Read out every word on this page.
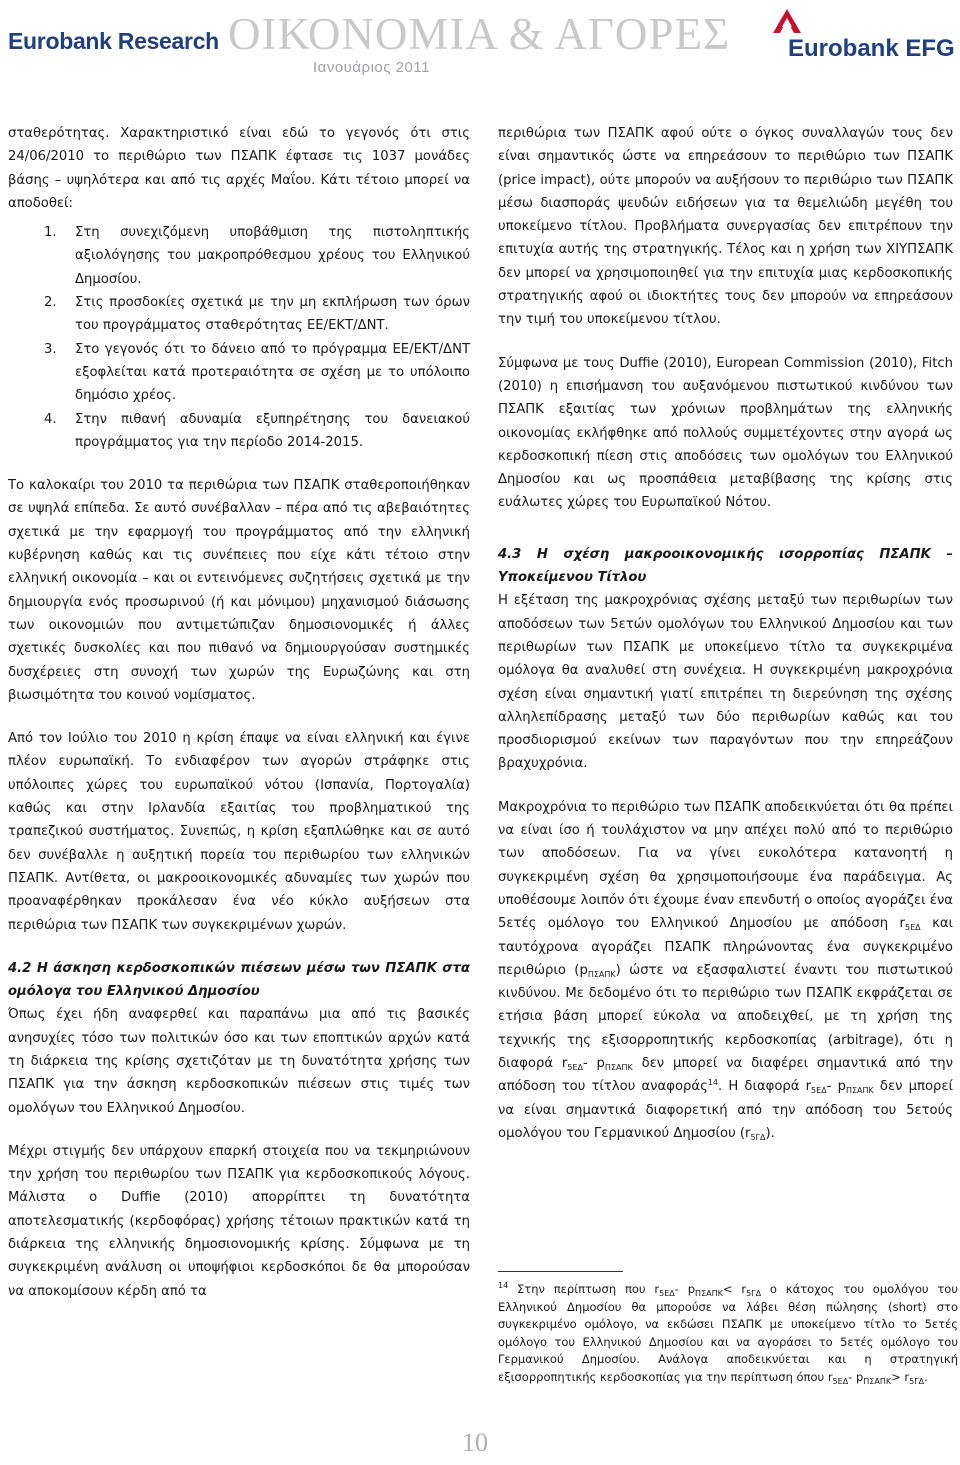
Eurobank Research ΟΙΚΟΝΟΜΙΑ & ΑΓΟΡΕΣ
Ιανουάριος 2011
Eurobank EFG

σταθερότητας. Χαρακτηριστικό είναι εδώ το γεγονός ότι στις 24/06/2010 το περιθώριο των ΠΣΑΠΚ έφτασε τις 1037 μονάδες βάσης – υψηλότερα και από τις αρχές Μαΐου. Κάτι τέτοιο μπορεί να αποδοθεί:

1. Στη συνεχιζόμενη υποβάθμιση της πιστοληπτικής αξιολόγησης του μακροπρόθεσμου χρέους του Ελληνικού Δημοσίου.
2. Στις προσδοκίες σχετικά με την μη εκπλήρωση των όρων του προγράμματος σταθερότητας ΕΕ/ΕΚΤ/ΔΝΤ.
3. Στο γεγονός ότι το δάνειο από το πρόγραμμα ΕΕ/ΕΚΤ/ΔΝΤ εξοφλείται κατά προτεραιότητα σε σχέση με το υπόλοιπο δημόσιο χρέος.
4. Στην πιθανή αδυναμία εξυπηρέτησης του δανειακού προγράμματος για την περίοδο 2014-2015.

Το καλοκαίρι του 2010 τα περιθώρια των ΠΣΑΠΚ σταθεροποιήθηκαν σε υψηλά επίπεδα. Σε αυτό συνέβαλλαν – πέρα από τις αβεβαιότητες σχετικά με την εφαρμογή του προγράμματος από την ελληνική κυβέρνηση καθώς και τις συνέπειες που είχε κάτι τέτοιο στην ελληνική οικονομία – και οι εντεινόμενες συζητήσεις σχετικά με την δημιουργία ενός προσωρινού (ή και μόνιμου) μηχανισμού διάσωσης των οικονομιών που αντιμετώπιζαν δημοσιονομικές ή άλλες σχετικές δυσκολίες και που πιθανό να δημιουργούσαν συστημικές δυσχέρειες στη συνοχή των χωρών της Ευρωζώνης και στη βιωσιμότητα του κοινού νομίσματος.

Από τον Ιούλιο του 2010 η κρίση έπαψε να είναι ελληνική και έγινε πλέον ευρωπαϊκή. Το ενδιαφέρον των αγορών στράφηκε στις υπόλοιπες χώρες του ευρωπαϊκού νότου (Ισπανία, Πορτογαλία) καθώς και στην Ιρλανδία εξαιτίας του προβληματικού της τραπεζικού συστήματος. Συνεπώς, η κρίση εξαπλώθηκε και σε αυτό δεν συνέβαλλε η αυξητική πορεία του περιθωρίου των ελληνικών ΠΣΑΠΚ. Αντίθετα, οι μακροοικονομικές αδυναμίες των χωρών που προαναφέρθηκαν προκάλεσαν ένα νέο κύκλο αυξήσεων στα περιθώρια των ΠΣΑΠΚ των συγκεκριμένων χωρών.

4.2 Η άσκηση κερδοσκοπικών πιέσεων μέσω των ΠΣΑΠΚ στα ομόλογα του Ελληνικού Δημοσίου

Όπως έχει ήδη αναφερθεί και παραπάνω μια από τις βασικές ανησυχίες τόσο των πολιτικών όσο και των εποπτικών αρχών κατά τη διάρκεια της κρίσης σχετιζόταν με τη δυνατότητα χρήσης των ΠΣΑΠΚ για την άσκηση κερδοσκοπικών πιέσεων στις τιμές των ομολόγων του Ελληνικού Δημοσίου.

Μέχρι στιγμής δεν υπάρχουν επαρκή στοιχεία που να τεκμηριώνουν την χρήση του περιθωρίου των ΠΣΑΠΚ για κερδοσκοπικούς λόγους. Μάλιστα ο Duffie (2010) απορρίπτει τη δυνατότητα αποτελεσματικής (κερδοφόρας) χρήσης τέτοιων πρακτικών κατά τη διάρκεια της ελληνικής δημοσιονομικής κρίσης. Σύμφωνα με τη συγκεκριμένη ανάλυση οι υποψήφιοι κερδοσκόποι δε θα μπορούσαν να αποκομίσουν κέρδη από τα

περιθώρια των ΠΣΑΠΚ αφού ούτε ο όγκος συναλλαγών τους δεν είναι σημαντικός ώστε να επηρεάσουν το περιθώριο των ΠΣΑΠΚ (price impact), ούτε μπορούν να αυξήσουν το περιθώριο των ΠΣΑΠΚ μέσω διασποράς ψευδών ειδήσεων για τα θεμελιώδη μεγέθη του υποκείμενο τίτλου. Προβλήματα συνεργασίας δεν επιτρέπουν την επιτυχία αυτής της στρατηγικής. Τέλος και η χρήση των ΧΙΥΠΣΑΠΚ δεν μπορεί να χρησιμοποιηθεί για την επιτυχία μιας κερδοσκοπικής στρατηγικής αφού οι ιδιοκτήτες τους δεν μπορούν να επηρεάσουν την τιμή του υποκείμενου τίτλου.

Σύμφωνα με τους Duffie (2010), European Commission (2010), Fitch (2010) η επισήμανση του αυξανόμενου πιστωτικού κινδύνου των ΠΣΑΠΚ εξαιτίας των χρόνιων προβλημάτων της ελληνικής οικονομίας εκλήφθηκε από πολλούς συμμετέχοντες στην αγορά ως κερδοσκοπική πίεση στις αποδόσεις των ομολόγων του Ελληνικού Δημοσίου και ως προσπάθεια μεταβίβασης της κρίσης στις ευάλωτες χώρες του Ευρωπαϊκού Νότου.

4.3 Η σχέση μακροοικονομικής ισορροπίας ΠΣΑΠΚ – Υποκείμενου Τίτλου

Η εξέταση της μακροχρόνιας σχέσης μεταξύ των περιθωρίων των αποδόσεων των 5ετών ομολόγων του Ελληνικού Δημοσίου και των περιθωρίων των ΠΣΑΠΚ με υποκείμενο τίτλο τα συγκεκριμένα ομόλογα θα αναλυθεί στη συνέχεια. Η συγκεκριμένη μακροχρόνια σχέση είναι σημαντική γιατί επιτρέπει τη διερεύνηση της σχέσης αλληλεπίδρασης μεταξύ των δύο περιθωρίων καθώς και του προσδιορισμού εκείνων των παραγόντων που την επηρεάζουν βραχυχρόνια.

Μακροχρόνια το περιθώριο των ΠΣΑΠΚ αποδεικνύεται ότι θα πρέπει να είναι ίσο ή τουλάχιστον να μην απέχει πολύ από το περιθώριο των αποδόσεων. Για να γίνει ευκολότερα κατανοητή η συγκεκριμένη σχέση θα χρησιμοποιήσουμε ένα παράδειγμα. Ας υποθέσουμε λοιπόν ότι έχουμε έναν επενδυτή ο οποίος αγοράζει ένα 5ετές ομόλογο του Ελληνικού Δημοσίου με απόδοση $r_{5E\Delta}$ και ταυτόχρονα αγοράζει ΠΣΑΠΚ πληρώνοντας ένα συγκεκριμένο περιθώριο $(p_{\Pi\Sigma A\Pi K})$ ώστε να εξασφαλιστεί έναντι του πιστωτικού κινδύνου. Με δεδομένο ότι το περιθώριο των ΠΣΑΠΚ εκφράζεται σε ετήσια βάση μπορεί εύκολα να αποδειχθεί, με τη χρήση της τεχνικής της εξισορροπητικής κερδοσκοπίας (arbitrage), ότι η διαφορά $r_{5E\Delta}-$ $p_{\Pi\Sigma A\Pi K}$ δεν μπορεί να διαφέρει σημαντικά από την απόδοση του τίτλου αναφοράς$^{14}$. Η διαφορά $r_{5E\Delta}-$ $p_{\Pi\Sigma A\Pi K}$ δεν μπορεί να είναι σημαντικά διαφορετική από την απόδοση του 5ετούς ομολόγου του Γερμανικού Δημοσίου $(r_{5\Gamma\Delta})$.

$^{14}$ Στην περίπτωση που $r_{5E\Delta}-$ $p_{\Pi\Sigma A\Pi K}< r_{5\Gamma\Delta}$ ο κάτοχος του ομολόγου του Ελληνικού Δημοσίου θα μπορούσε να λάβει θέση πώλησης (short) στο συγκεκριμένο ομόλογο, να εκδώσει ΠΣΑΠΚ με υποκείμενο τίτλο το 5ετές ομόλογο του Ελληνικού Δημοσίου και να αγοράσει το 5ετές ομόλογο του Γερμανικού Δημοσίου. Ανάλογα αποδεικνύεται και η στρατηγική εξισορροπητικής κερδοσκοπίας για την περίπτωση όπου $r_{5E\Delta}-$ $p_{\Pi\Sigma A\Pi K}> r_{5\Gamma\Delta}$.
10
